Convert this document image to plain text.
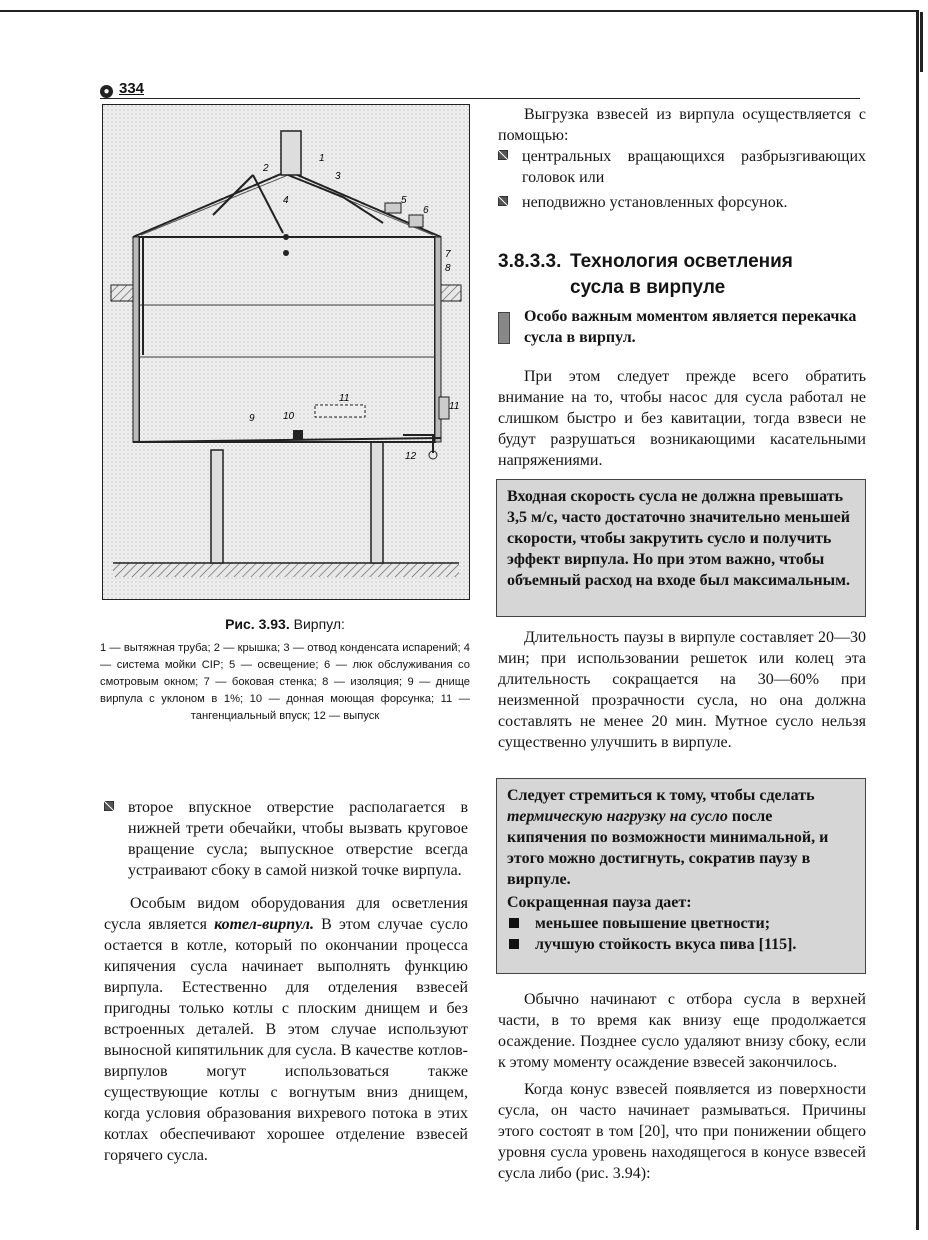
● 334
1
2
3
4	5
6
7
8
9	10
11
11
12
Рис. 3.93. Вирпул:
1 — вытяжная труба; 2 — крышка; 3 — отвод конденсата испарений; 4 — система мойки CIP; 5 — освещение; 6 — люк обслуживания со смотровым окном; 7 — боковая стенка; 8 — изоляция; 9 — днище вирпула с уклоном в 1%; 10 — донная моющая форсунка; 11 — тангенциальный впуск; 12 — выпуск

второе впускное отверстие располагается в нижней трети обечайки, чтобы вызвать круговое вращение сусла; выпускное отверстие всегда устраивают сбоку в самой низкой точке вирпула.

Особым видом оборудования для осветления сусла является котел-вирпул. В этом случае сусло остается в котле, который по окончании процесса кипячения сусла начинает выполнять функцию вирпула. Естественно для отделения взвесей пригодны только котлы с плоским днищем и без встроенных деталей. В этом случае используют выносной кипятильник для сусла. В качестве котлов-вирпулов могут использоваться также существующие котлы с вогнутым вниз днищем, когда условия образования вихревого потока в этих котлах обеспечивают хорошее отделение взвесей горячего сусла.

Выгрузка взвесей из вирпула осуществляется с помощью:

центральных вращающихся разбрызгивающих головок или

неподвижно установленных форсунок.

3.8.3.3. Технология осветления
сусла в вирпуле
Особо важным моментом является перекачка сусла в вирпул.

При этом следует прежде всего обратить внимание на то, чтобы насос для сусла работал не слишком быстро и без кавитации, тогда взвеси не будут разрушаться возникающими касательными напряжениями.

Входная скорость сусла не должна превышать 3,5 м/с, часто достаточно значительно меньшей скорости, чтобы закрутить сусло и получить эффект вирпула. Но при этом важно, чтобы объемный расход на входе был максимальным.

Длительность паузы в вирпуле составляет 20—30 мин; при использовании решеток или колец эта длительность сокращается на 30—60% при неизменной прозрачности сусла, но она должна составлять не менее 20 мин. Мутное сусло нельзя существенно улучшить в вирпуле.

Следует стремиться к тому, чтобы сделать термическую нагрузку на сусло после кипячения по возможности минимальной, и этого можно достигнуть, сократив паузу в вирпуле.

Сокращенная пауза дает:

меньшее повышение цветности;
лучшую стойкость вкуса пива [115].

Обычно начинают с отбора сусла в верхней части, в то время как внизу еще продолжается осаждение. Позднее сусло удаляют внизу сбоку, если к этому моменту осаждение взвесей закончилось.

Когда конус взвесей появляется из поверхности сусла, он часто начинает размываться. Причины этого состоят в том [20], что при понижении общего уровня сусла уровень находящегося в конусе взвесей сусла либо (рис. 3.94):
